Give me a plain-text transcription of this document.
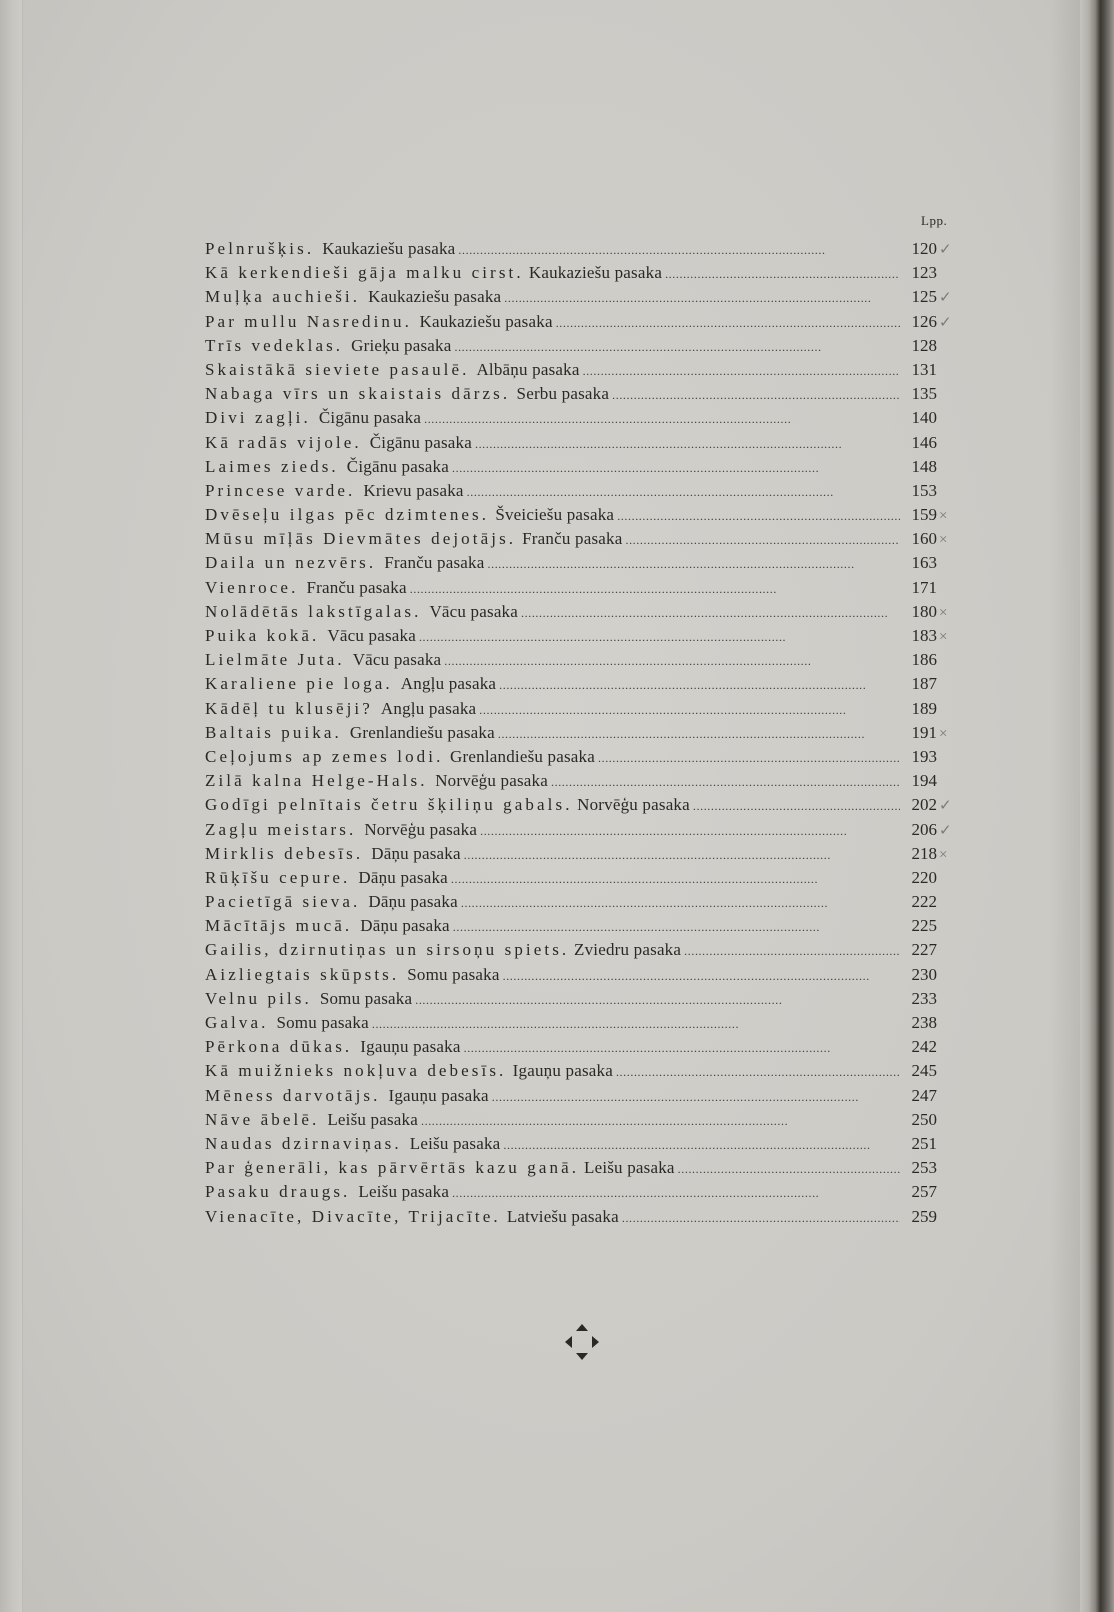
Lpp.
Pelnrušķis. Kaukaziešu pasaka . . .	120 ✓
Kā kerkendieši gāja malku cirst. Kaukaziešu pasaka . . .	123
Muļķa auchieši. Kaukaziešu pasaka . . .	125 ✓
Par mullu Nasredinu. Kaukaziešu pasaka . . .	126 ✓
Trīs vedeklas. Grieķu pasaka . . .	128
Skaistākā sieviete pasaulē. Albāņu pasaka . . .	131
Nabaga vīrs un skaistais dārzs. Serbu pasaka . . .	135
Divi zagļi. Čigānu pasaka . . .	140
Kā radās vijole. Čigānu pasaka . . .	146
Laimes zieds. Čigānu pasaka . . .	148
Princese varde. Krievu pasaka . . .	153
Dvēseļu ilgas pēc dzimtenes. Šveiciešu pasaka . . .	159 ×
Mūsu mīļās Dievmātes dejotājs. Franču pasaka . . .	160 ×
Daila un nezvērs. Franču pasaka . . .	163
Vienroce. Franču pasaka . . .	171
Nolādētās lakstīgalas. Vācu pasaka . . .	180 ×
Puika kokā. Vācu pasaka . . .	183 ×
Lielmāte Juta. Vācu pasaka . . .	186
Karaliene pie loga. Angļu pasaka . . .	187
Kādēļ tu klusēji? Angļu pasaka . . .	189
Baltais puika. Grenlandiešu pasaka . . .	191 ×
Ceļojums ap zemes lodi. Grenlandiešu pasaka . . .	193
Zilā kalna Helge-Hals. Norvēģu pasaka . . .	194
Godīgi pelnītais četru šķiliņu gabals. Norvēģu pasaka . . .	202 ✓
Zagļu meistars. Norvēģu pasaka . . .	206 ✓
Mirklis debesīs. Dāņu pasaka . . .	218 ×
Rūķīšu cepure. Dāņu pasaka . . .	220
Pacietīgā sieva. Dāņu pasaka . . .	222
Mācītājs mucā. Dāņu pasaka . . .	225
Gailis, dzirnutiņas un sirsoņu spiets. Zviedru pasaka . . .	227
Aizliegtais skūpsts. Somu pasaka . . .	230
Velnu pils. Somu pasaka . . .	233
Galva. Somu pasaka . . .	238
Pērkona dūkas. Igauņu pasaka . . .	242
Kā muižnieks nokļuva debesīs. Igauņu pasaka . . .	245
Mēness darvotājs. Igauņu pasaka . . .	247
Nāve ābelē. Leišu pasaka . . .	250
Naudas dzirnaviņas. Leišu pasaka . . .	251
Par ģenerāli, kas pārvērtās kazu ganā. Leišu pasaka . . .	253
Pasaku draugs. Leišu pasaka . . .	257
Vienacīte, Divacīte, Trijacīte. Latviešu pasaka . . .	259
